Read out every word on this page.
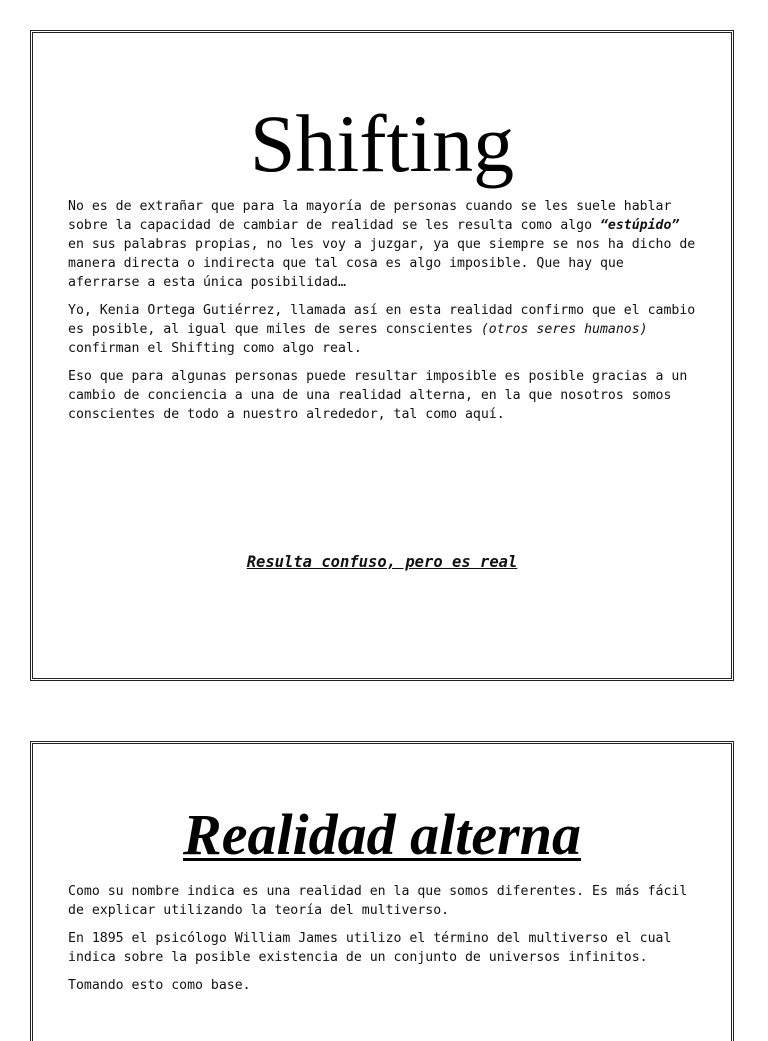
Shifting

No es de extrañar que para la mayoría de personas cuando se les suele hablar sobre la capacidad de cambiar de realidad se les resulta como algo “estúpido” en sus palabras propias, no les voy a juzgar, ya que siempre se nos ha dicho de manera directa o indirecta que tal cosa es algo imposible. Que hay que aferrarse a esta única posibilidad…

Yo, Kenia Ortega Gutiérrez, llamada así en esta realidad confirmo que el cambio es posible, al igual que miles de seres conscientes (otros seres humanos) confirman el Shifting como algo real.

Eso que para algunas personas puede resultar imposible es posible gracias a un cambio de conciencia a una de una realidad alterna, en la que nosotros somos conscientes de todo a nuestro alrededor, tal como aquí.

Resulta confuso, pero es real
Realidad alterna

Como su nombre indica es una realidad en la que somos diferentes. Es más fácil de explicar utilizando la teoría del multiverso.

En 1895 el psicólogo William James utilizo el término del multiverso el cual indica sobre la posible existencia de un conjunto de universos infinitos.

Tomando esto como base.
